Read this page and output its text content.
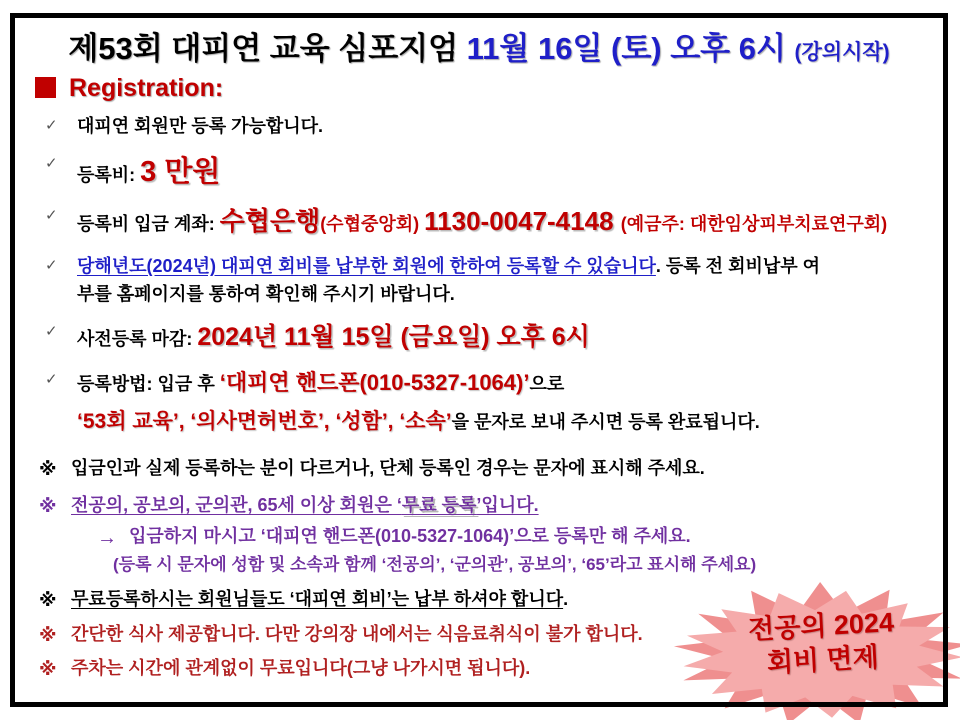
제53회 대피연 교육 심포지엄 11월 16일 (토) 오후 6시 (강의시작)
Registration:
✓ 대피연 회원만 등록 가능합니다.
✓
등록비: 3 만원
✓ 등록비 입금 계좌: 수협은행(수협중앙회) 1130-0047-4148 (예금주: 대한임상피부치료연구회)
✓ 당해년도(2024년) 대피연 회비를 납부한 회원에 한하여 등록할 수 있습니다. 등록 전 회비납부 여
부를 홈페이지를 통하여 확인해 주시기 바랍니다.
✓ 사전등록 마감: 2024년 11월 15일 (금요일) 오후 6시
✓ 등록방법: 입금 후 ‘대피연 핸드폰(010-5327-1064)’으로
‘53회 교육’, ‘의사면허번호’, ‘성함’, ‘소속’을 문자로 보내 주시면 등록 완료됩니다.
※ 입금인과 실제 등록하는 분이 다르거나, 단체 등록인 경우는 문자에 표시해 주세요.
※ 전공의, 공보의, 군의관, 65세 이상 회원은 ‘무료 등록’입니다.
→ 입금하지 마시고 ‘대피연 핸드폰(010-5327-1064)’으로 등록만 해 주세요.
(등록 시 문자에 성함 및 소속과 함께 ‘전공의’, ‘군의관’, 공보의’, ‘65’라고 표시해 주세요)
※ 무료등록하시는 회원님들도 ‘대피연 회비’는 납부 하셔야 합니다.
※ 간단한 식사 제공합니다. 다만 강의장 내에서는 식음료취식이 불가 합니다.
※ 주차는 시간에 관계없이 무료입니다(그냥 나가시면 됩니다).
전공의 2024
회비 면제
